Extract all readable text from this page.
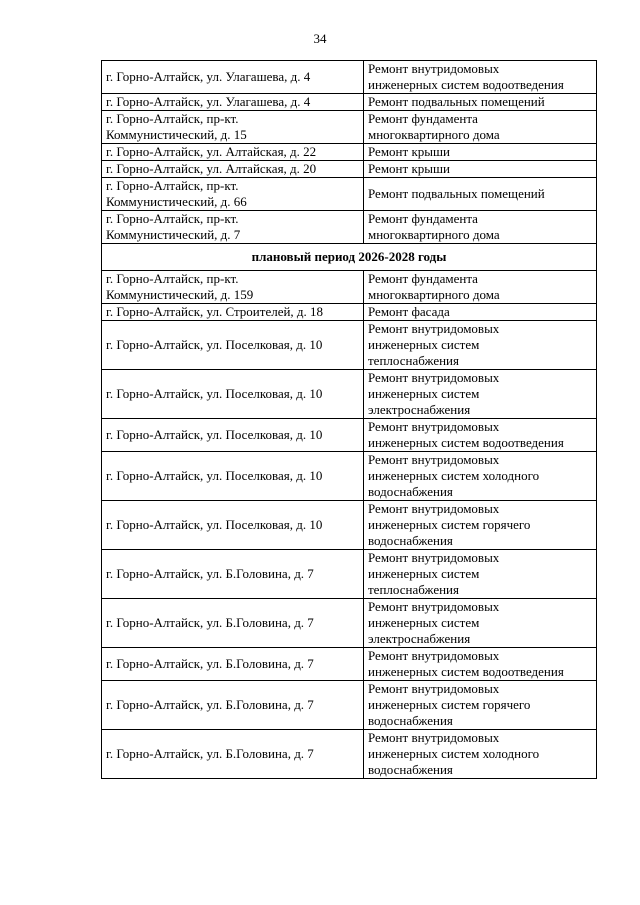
34
г. Горно-Алтайск, ул. Улагашева, д. 4	Ремонт внутридомовых
инженерных систем водоотведения
г. Горно-Алтайск, ул. Улагашева, д. 4	Ремонт подвальных помещений
г. Горно-Алтайск, пр-кт.
Коммунистический, д. 15	Ремонт фундамента
многоквартирного дома
г. Горно-Алтайск, ул. Алтайская, д. 22	Ремонт крыши
г. Горно-Алтайск, ул. Алтайская, д. 20	Ремонт крыши
г. Горно-Алтайск, пр-кт.
Коммунистический, д. 66	Ремонт подвальных помещений
г. Горно-Алтайск, пр-кт.
Коммунистический, д. 7	Ремонт фундамента
многоквартирного дома
плановый период 2026-2028 годы	
г. Горно-Алтайск, пр-кт.
Коммунистический, д. 159	Ремонт фундамента
многоквартирного дома
г. Горно-Алтайск, ул. Строителей, д. 18	Ремонт фасада
г. Горно-Алтайск, ул. Поселковая, д. 10	Ремонт внутридомовых
инженерных систем
теплоснабжения
г. Горно-Алтайск, ул. Поселковая, д. 10	Ремонт внутридомовых
инженерных систем
электроснабжения
г. Горно-Алтайск, ул. Поселковая, д. 10	Ремонт внутридомовых
инженерных систем водоотведения
г. Горно-Алтайск, ул. Поселковая, д. 10	Ремонт внутридомовых
инженерных систем холодного
водоснабжения
г. Горно-Алтайск, ул. Поселковая, д. 10	Ремонт внутридомовых
инженерных систем горячего
водоснабжения
г. Горно-Алтайск, ул. Б.Головина, д. 7	Ремонт внутридомовых
инженерных систем
теплоснабжения
г. Горно-Алтайск, ул. Б.Головина, д. 7	Ремонт внутридомовых
инженерных систем
электроснабжения
г. Горно-Алтайск, ул. Б.Головина, д. 7	Ремонт внутридомовых
инженерных систем водоотведения
г. Горно-Алтайск, ул. Б.Головина, д. 7	Ремонт внутридомовых
инженерных систем горячего
водоснабжения
г. Горно-Алтайск, ул. Б.Головина, д. 7	Ремонт внутридомовых
инженерных систем холодного
водоснабжения
